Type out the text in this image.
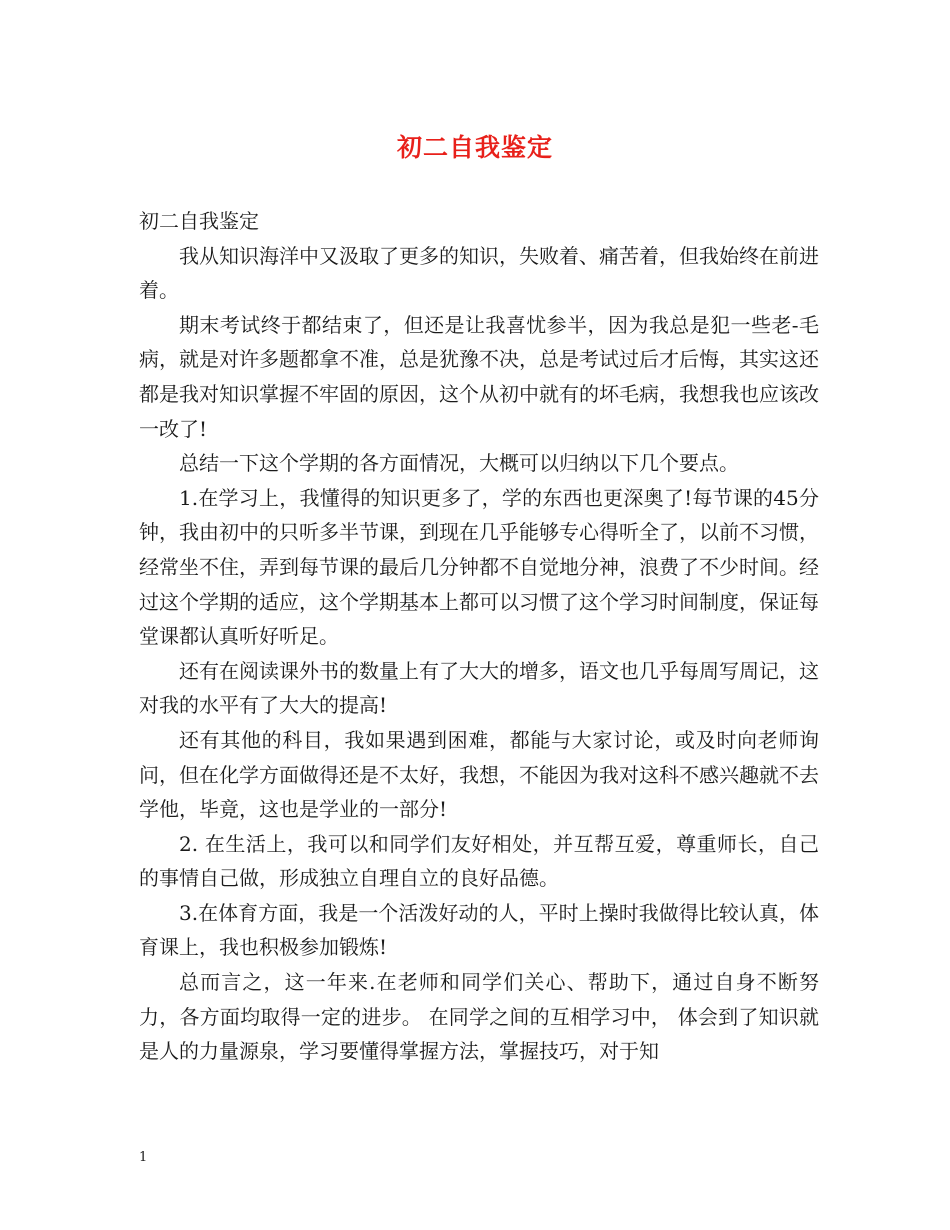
初二自我鉴定

初二自我鉴定

我从知识海洋中又汲取了更多的知识，失败着、痛苦着，但我始终在前进着。

期末考试终于都结束了，但还是让我喜忧参半，因为我总是犯一些老-毛病，就是对许多题都拿不准，总是犹豫不决，总是考试过后才后悔，其实这还都是我对知识掌握不牢固的原因，这个从初中就有的坏毛病，我想我也应该改一改了!

总结一下这个学期的各方面情况，大概可以归纳以下几个要点。

1.在学习上，我懂得的知识更多了，学的东西也更深奥了!每节课的45分钟，我由初中的只听多半节课，到现在几乎能够专心得听全了，以前不习惯，经常坐不住，弄到每节课的最后几分钟都不自觉地分神，浪费了不少时间。经过这个学期的适应，这个学期基本上都可以习惯了这个学习时间制度，保证每堂课都认真听好听足。

还有在阅读课外书的数量上有了大大的增多，语文也几乎每周写周记，这对我的水平有了大大的提高!

还有其他的科目，我如果遇到困难，都能与大家讨论，或及时向老师询问，但在化学方面做得还是不太好，我想，不能因为我对这科不感兴趣就不去学他，毕竟，这也是学业的一部分!

2. 在生活上，我可以和同学们友好相处，并互帮互爱，尊重师长，自己的事情自己做，形成独立自理自立的良好品德。

3.在体育方面，我是一个活泼好动的人，平时上操时我做得比较认真，体育课上，我也积极参加锻炼!

总而言之，这一年来.在老师和同学们关心、帮助下，通过自身不断努力，各方面均取得一定的进步。 在同学之间的互相学习中， 体会到了知识就是人的力量源泉，学习要懂得掌握方法，掌握技巧，对于知

1
